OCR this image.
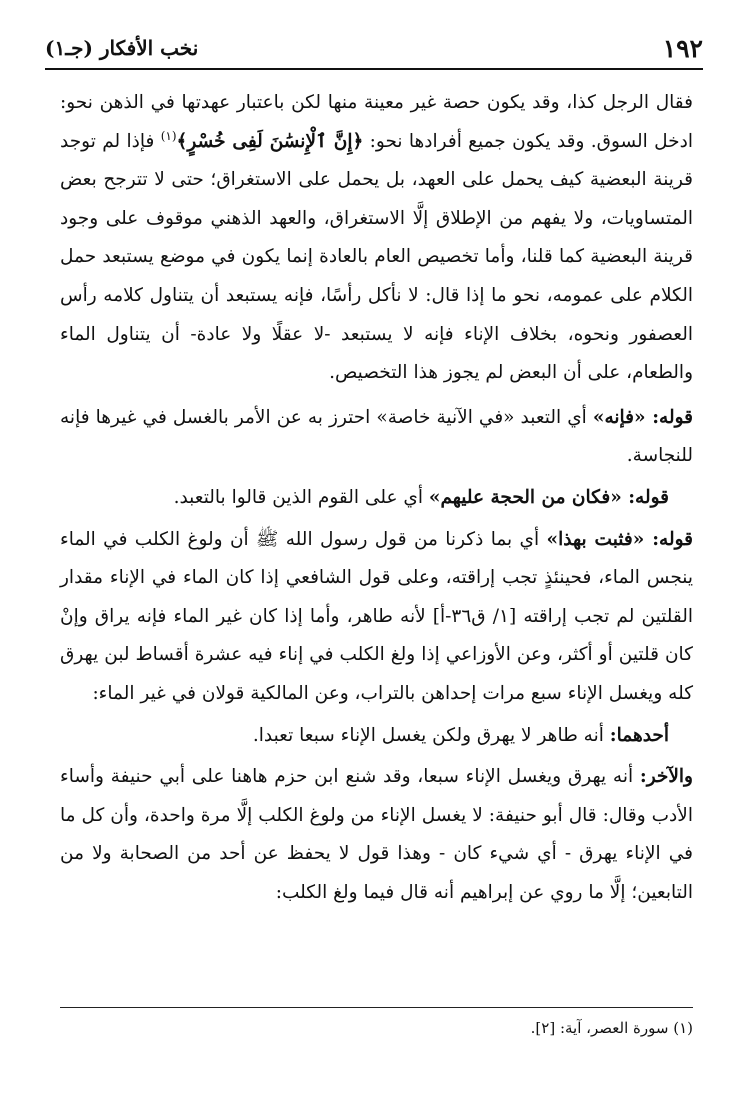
١٩٢
نخب الأفكار (جـ١)

فقال الرجل كذا، وقد يكون حصة غير معينة منها لكن باعتبار عهدتها في الذهن نحو: ادخل السوق. وقد يكون جميع أفرادها نحو: ﴿إِنَّ ٱلْإِنسَٰنَ لَفِى خُسْرٍ﴾$^{(١)}$ فإذا لم توجد قرينة البعضية كيف يحمل على العهد، بل يحمل على الاستغراق؛ حتى لا تترجح بعض المتساويات، ولا يفهم من الإطلاق إلَّا الاستغراق، والعهد الذهني موقوف على وجود قرينة البعضية كما قلنا، وأما تخصيص العام بالعادة إنما يكون في موضع يستبعد حمل الكلام على عمومه، نحو ما إذا قال: لا نأكل رأسًا، فإنه يستبعد أن يتناول كلامه رأس العصفور ونحوه، بخلاف الإناء فإنه لا يستبعد -لا عقلًا ولا عادة- أن يتناول الماء والطعام، على أن البعض لم يجوز هذا التخصيص.

قوله: «فإنه» أي التعبد «في الآنية خاصة» احترز به عن الأمر بالغسل في غيرها فإنه للنجاسة.

قوله: «فكان من الحجة عليهم» أي على القوم الذين قالوا بالتعبد.

قوله: «فثبت بهذا» أي بما ذكرنا من قول رسول الله ﷺ أن ولوغ الكلب في الماء ينجس الماء، فحينئذٍ تجب إراقته، وعلى قول الشافعي إذا كان الماء في الإناء مقدار القلتين لم تجب إراقته [١/ ق٣٦-أ] لأنه طاهر، وأما إذا كان غير الماء فإنه يراق وإنْ كان قلتين أو أكثر، وعن الأوزاعي إذا ولغ الكلب في إناء فيه عشرة أقساط لبن يهرق كله ويغسل الإناء سبع مرات إحداهن بالتراب، وعن المالكية قولان في غير الماء:

أحدهما: أنه طاهر لا يهرق ولكن يغسل الإناء سبعا تعبدا.

والآخر: أنه يهرق ويغسل الإناء سبعا، وقد شنع ابن حزم هاهنا على أبي حنيفة وأساء الأدب وقال: قال أبو حنيفة: لا يغسل الإناء من ولوغ الكلب إلَّا مرة واحدة، وأن كل ما في الإناء يهرق - أي شيء كان - وهذا قول لا يحفظ عن أحد من الصحابة ولا من التابعين؛ إلَّا ما روي عن إبراهيم أنه قال فيما ولغ الكلب:

(١) سورة العصر، آية: [٢].
